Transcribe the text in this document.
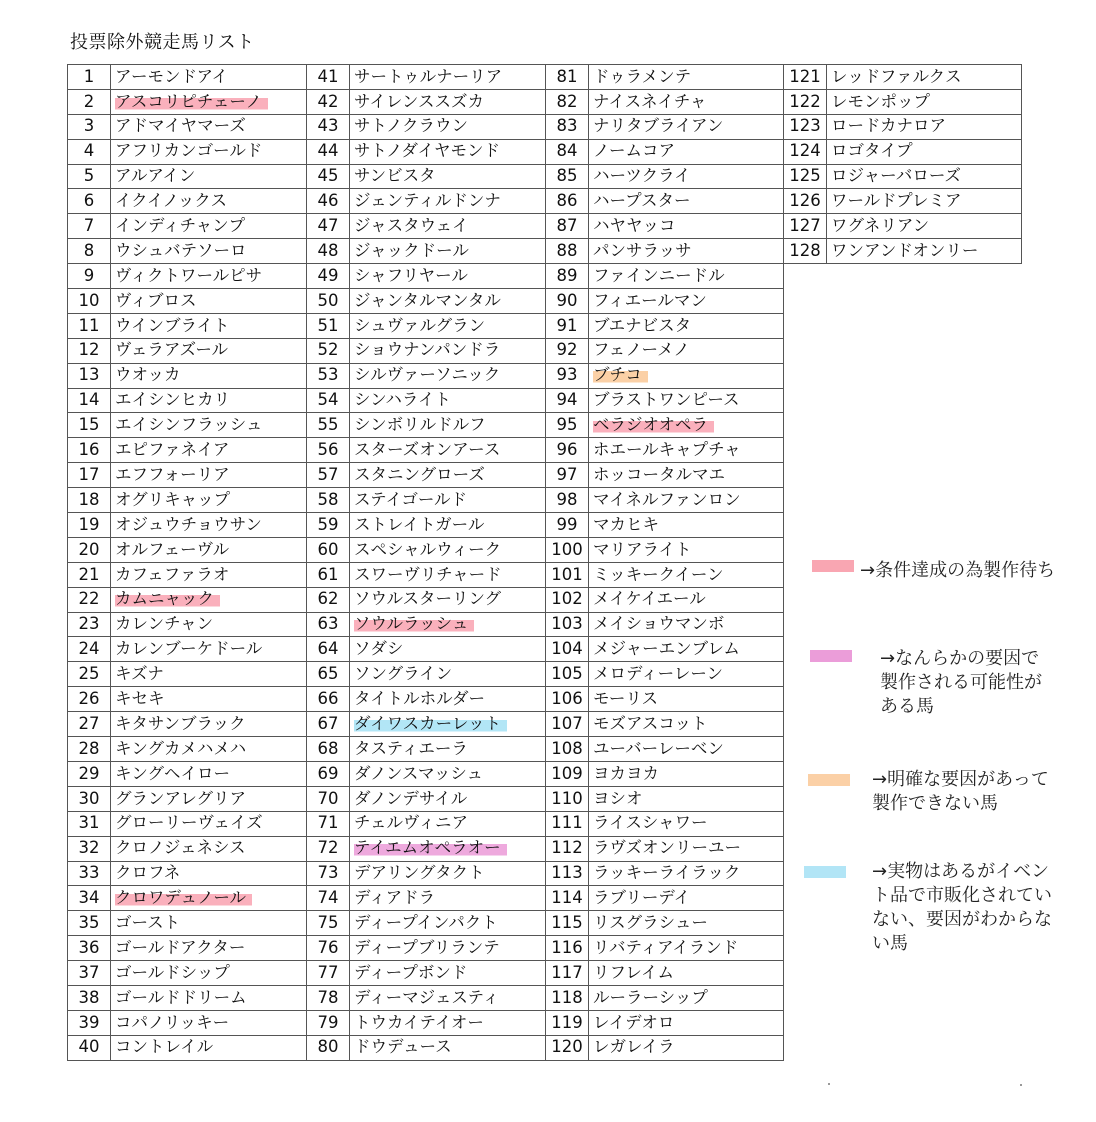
投票除外競走馬リスト
1	アーモンドアイ
2	アスコリピチェーノ
3	アドマイヤマーズ
4	アフリカンゴールド
5	アルアイン
6	イクイノックス
7	インディチャンプ
8	ウシュバテソーロ
9	ヴィクトワールピサ
10	ヴィブロス
11	ウインブライト
12	ヴェラアズール
13	ウオッカ
14	エイシンヒカリ
15	エイシンフラッシュ
16	エピファネイア
17	エフフォーリア
18	オグリキャップ
19	オジュウチョウサン
20	オルフェーヴル
21	カフェファラオ
22	カムニャック
23	カレンチャン
24	カレンブーケドール
25	キズナ
26	キセキ
27	キタサンブラック
28	キングカメハメハ
29	キングヘイロー
30	グランアレグリア
31	グローリーヴェイズ
32	クロノジェネシス
33	クロフネ
34	クロワデュノール
35	ゴースト
36	ゴールドアクター
37	ゴールドシップ
38	ゴールドドリーム
39	コパノリッキー
40	コントレイル
41	サートゥルナーリア
42	サイレンススズカ
43	サトノクラウン
44	サトノダイヤモンド
45	サンビスタ
46	ジェンティルドンナ
47	ジャスタウェイ
48	ジャックドール
49	シャフリヤール
50	ジャンタルマンタル
51	シュヴァルグラン
52	ショウナンパンドラ
53	シルヴァーソニック
54	シンハライト
55	シンボリルドルフ
56	スターズオンアース
57	スタニングローズ
58	ステイゴールド
59	ストレイトガール
60	スペシャルウィーク
61	スワーヴリチャード
62	ソウルスターリング
63	ソウルラッシュ
64	ソダシ
65	ソングライン
66	タイトルホルダー
67	ダイワスカーレット
68	タスティエーラ
69	ダノンスマッシュ
70	ダノンデサイル
71	チェルヴィニア
72	テイエムオペラオー
73	デアリングタクト
74	ディアドラ
75	ディープインパクト
76	ディープブリランテ
77	ディープボンド
78	ディーマジェスティ
79	トウカイテイオー
80	ドウデュース
81	ドゥラメンテ
82	ナイスネイチャ
83	ナリタブライアン
84	ノームコア
85	ハーツクライ
86	ハープスター
87	ハヤヤッコ
88	パンサラッサ
89	ファインニードル
90	フィエールマン
91	ブエナビスタ
92	フェノーメノ
93	ブチコ
94	ブラストワンピース
95	ベラジオオペラ
96	ホエールキャプチャ
97	ホッコータルマエ
98	マイネルファンロン
99	マカヒキ
100	マリアライト
101	ミッキークイーン
102	メイケイエール
103	メイショウマンボ
104	メジャーエンブレム
105	メロディーレーン
106	モーリス
107	モズアスコット
108	ユーバーレーベン
109	ヨカヨカ
110	ヨシオ
111	ライスシャワー
112	ラヴズオンリーユー
113	ラッキーライラック
114	ラブリーデイ
115	リスグラシュー
116	リバティアイランド
117	リフレイム
118	ルーラーシップ
119	レイデオロ
120	レガレイラ
121	レッドファルクス
122	レモンポップ
123	ロードカナロア
124	ロゴタイプ
125	ロジャーバローズ
126	ワールドプレミア
127	ワグネリアン
128	ワンアンドオンリー
→条件達成の為製作待ち
→なんらかの要因で
製作される可能性が
ある馬
→明確な要因があって
製作できない馬
→実物はあるがイベン
ト品で市販化されてい
ない、要因がわからな
い馬
